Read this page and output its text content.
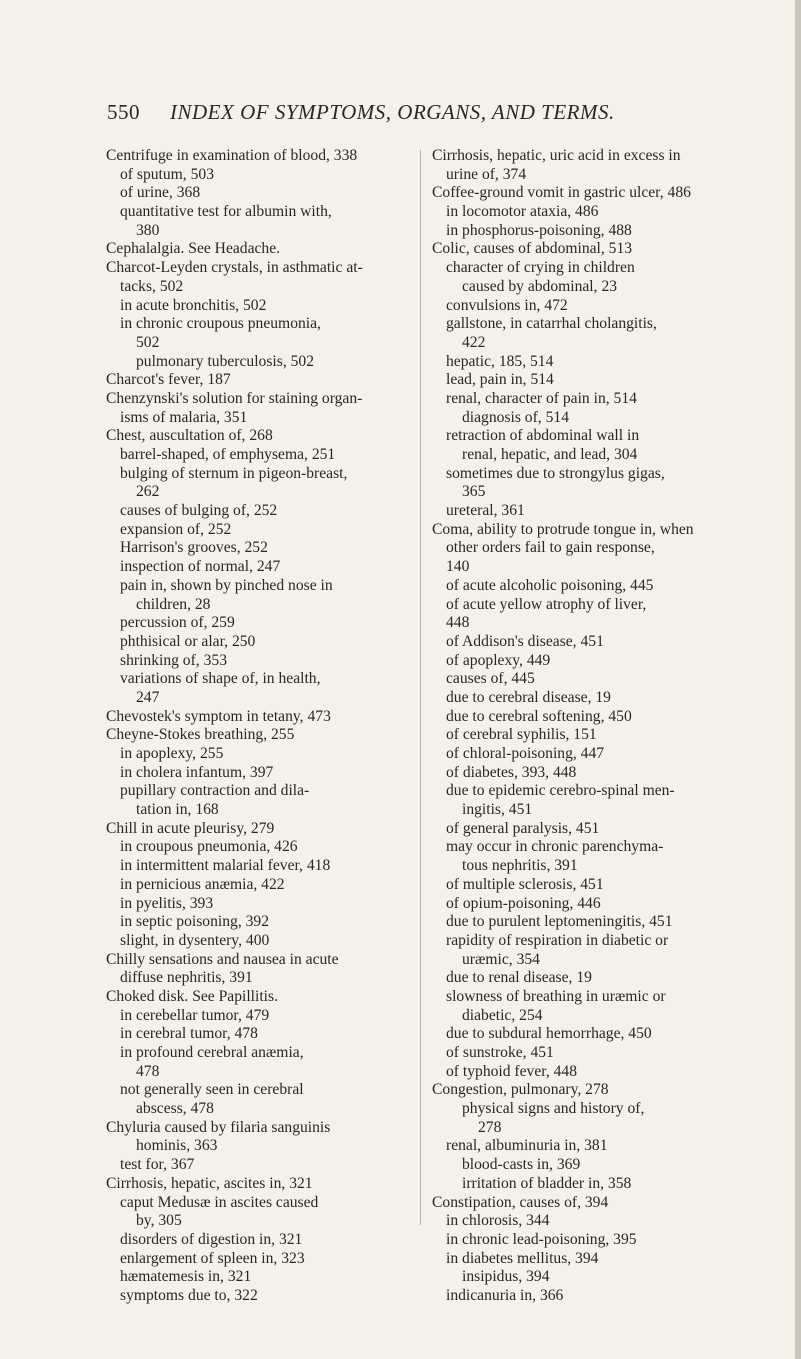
550 INDEX OF SYMPTOMS, ORGANS, AND TERMS.
Centrifuge in examination of blood, 338
of sputum, 503
of urine, 368
quantitative test for albumin with,
380
Cephalalgia. See Headache.
Charcot-Leyden crystals, in asthmatic at-
tacks, 502
in acute bronchitis, 502
in chronic croupous pneumonia,
502
pulmonary tuberculosis, 502
Charcot's fever, 187
Chenzynski's solution for staining organ-
isms of malaria, 351
Chest, auscultation of, 268
barrel-shaped, of emphysema, 251
bulging of sternum in pigeon-breast,
262
causes of bulging of, 252
expansion of, 252
Harrison's grooves, 252
inspection of normal, 247
pain in, shown by pinched nose in
children, 28
percussion of, 259
phthisical or alar, 250
shrinking of, 353
variations of shape of, in health,
247
Chevostek's symptom in tetany, 473
Cheyne-Stokes breathing, 255
in apoplexy, 255
in cholera infantum, 397
pupillary contraction and dila-
tation in, 168
Chill in acute pleurisy, 279
in croupous pneumonia, 426
in intermittent malarial fever, 418
in pernicious anæmia, 422
in pyelitis, 393
in septic poisoning, 392
slight, in dysentery, 400
Chilly sensations and nausea in acute
diffuse nephritis, 391
Choked disk. See Papillitis.
in cerebellar tumor, 479
in cerebral tumor, 478
in profound cerebral anæmia,
478
not generally seen in cerebral
abscess, 478
Chyluria caused by filaria sanguinis
hominis, 363
test for, 367
Cirrhosis, hepatic, ascites in, 321
caput Medusæ in ascites caused
by, 305
disorders of digestion in, 321
enlargement of spleen in, 323
hæmatemesis in, 321
symptoms due to, 322
Cirrhosis, hepatic, uric acid in excess in
urine of, 374
Coffee-ground vomit in gastric ulcer, 486
in locomotor ataxia, 486
in phosphorus-poisoning, 488
Colic, causes of abdominal, 513
character of crying in children
caused by abdominal, 23
convulsions in, 472
gallstone, in catarrhal cholangitis,
422
hepatic, 185, 514
lead, pain in, 514
renal, character of pain in, 514
diagnosis of, 514
retraction of abdominal wall in
renal, hepatic, and lead, 304
sometimes due to strongylus gigas,
365
ureteral, 361
Coma, ability to protrude tongue in, when
other orders fail to gain response,
140
of acute alcoholic poisoning, 445
of acute yellow atrophy of liver,
448
of Addison's disease, 451
of apoplexy, 449
causes of, 445
due to cerebral disease, 19
due to cerebral softening, 450
of cerebral syphilis, 151
of chloral-poisoning, 447
of diabetes, 393, 448
due to epidemic cerebro-spinal men-
ingitis, 451
of general paralysis, 451
may occur in chronic parenchyma-
tous nephritis, 391
of multiple sclerosis, 451
of opium-poisoning, 446
due to purulent leptomeningitis, 451
rapidity of respiration in diabetic or
uræmic, 354
due to renal disease, 19
slowness of breathing in uræmic or
diabetic, 254
due to subdural hemorrhage, 450
of sunstroke, 451
of typhoid fever, 448
Congestion, pulmonary, 278
physical signs and history of,
278
renal, albuminuria in, 381
blood-casts in, 369
irritation of bladder in, 358
Constipation, causes of, 394
in chlorosis, 344
in chronic lead-poisoning, 395
in diabetes mellitus, 394
insipidus, 394
indicanuria in, 366
